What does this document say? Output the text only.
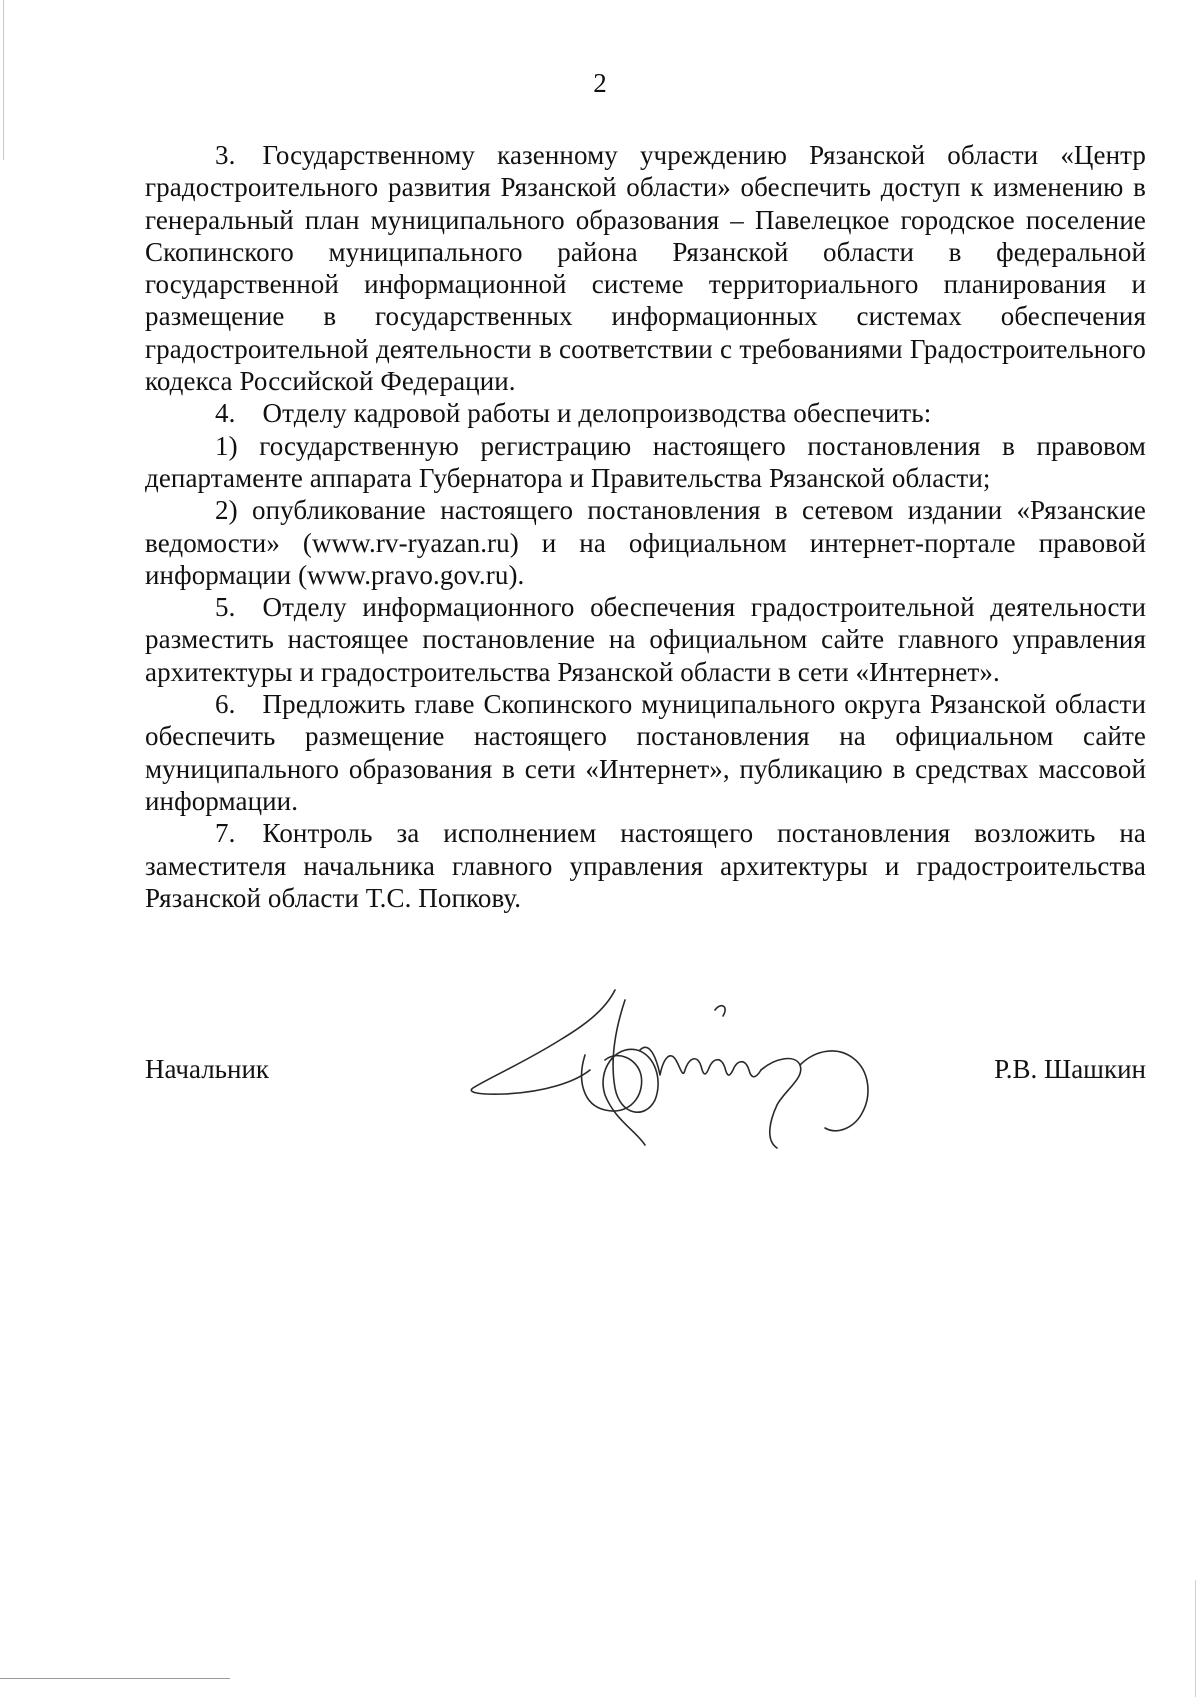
2

3. Государственному казенному учреждению Рязанской области «Центр градостроительного развития Рязанской области» обеспечить доступ к изменению в генеральный план муниципального образования – Павелецкое городское поселение Скопинского муниципального района Рязанской области в федеральной государственной информационной системе территориального планирования и размещение в государственных информационных системах обеспечения градостроительной деятельности в соответствии с требованиями Градостроительного кодекса Российской Федерации.

4. Отделу кадровой работы и делопроизводства обеспечить:

1) государственную регистрацию настоящего постановления в правовом департаменте аппарата Губернатора и Правительства Рязанской области;

2) опубликование настоящего постановления в сетевом издании «Рязанские ведомости» (www.rv-ryazan.ru) и на официальном интернет-портале правовой информации (www.pravo.gov.ru).

5. Отделу информационного обеспечения градостроительной деятельности разместить настоящее постановление на официальном сайте главного управления архитектуры и градостроительства Рязанской области в сети «Интернет».

6. Предложить главе Скопинского муниципального округа Рязанской области обеспечить размещение настоящего постановления на официальном сайте муниципального образования в сети «Интернет», публикацию в средствах массовой информации.

7. Контроль за исполнением настоящего постановления возложить на заместителя начальника главного управления архитектуры и градостроительства Рязанской области Т.С. Попкову.

Начальник	Р.В. Шашкин
